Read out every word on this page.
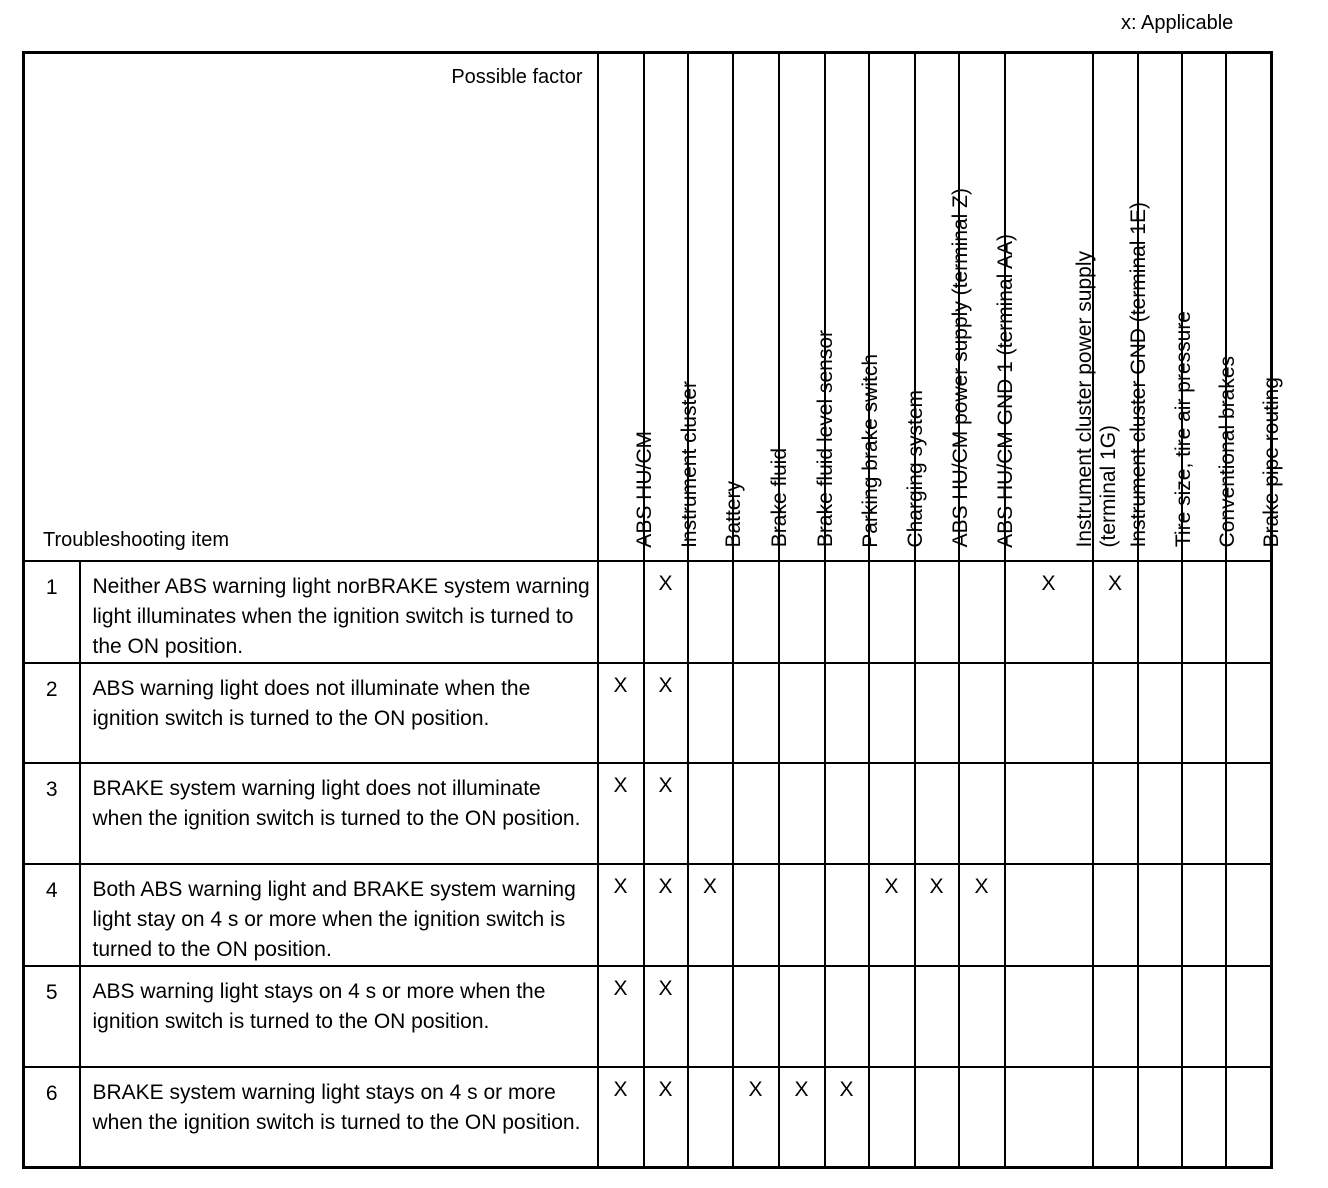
x: Applicable
Possible factor
Troubleshooting item		ABS HU/CM	Instrument cluster	Battery	Brake fluid	Brake fluid level sensor	Parking brake switch	Charging system	ABS HU/CM power supply (terminal Z)	ABS HU/CM GND 1 (terminal AA)	Instrument cluster power supply
(terminal 1G)	Instrument cluster GND (terminal 1E)	Tire size, tire air pressure	Conventional brakes	Brake pipe routing

1	Neither ABS warning light norBRAKE system warning light illuminates when the ignition switch is turned to the ON position.		X								X	X			
2	ABS warning light does not illuminate when the ignition switch is turned to the ON position.	X	X												
3	BRAKE system warning light does not illuminate when the ignition switch is turned to the ON position.	X	X												
4	Both ABS warning light and BRAKE system warning light stay on 4 s or more when the ignition switch is turned to the ON position.	X	X	X				X	X	X					
5	ABS warning light stays on 4 s or more when the ignition switch is turned to the ON position.	X	X												
6	BRAKE system warning light stays on 4 s or more when the ignition switch is turned to the ON position.	X	X		X	X	X								
